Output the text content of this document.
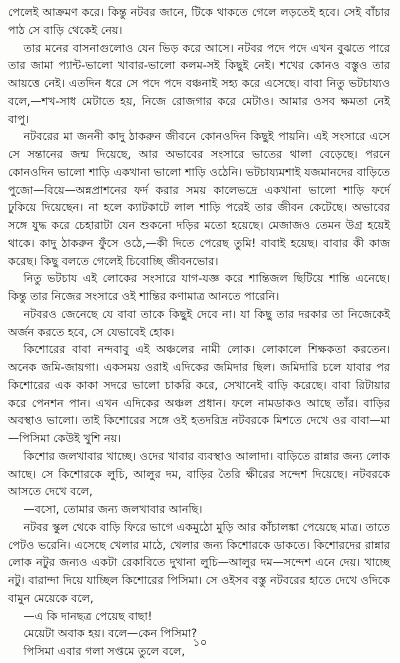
পেলেই আক্রমণ করে। কিন্তু নটবর জানে, টিকে থাকতে গেলে লড়তেই হবে। সেই বাঁচার পাঠ সে বাড়ি থেকেই নেয়।

তার মনের বাসনাগুলোও যেন ভিড় করে আসে। নটবর পদে পদে এখন বুঝতে পারে তার জামা প্যান্ট-ভালো খাবার-ভালো কলম-সই কিছুই নেই। শখের কোনও বস্তুও তার আয়ত্তে নেই। এতদিন ধরে সে পদে পদে বঞ্চনাই সহ্য করে এসেছে। বাবা নিতু ভটচায্যও বলে,—শখ-সাধ মেটাতে হয়, নিজে রোজগার করে মেটাও। আমার ওসব ক্ষমতা নেই বাপু।

নটবরের মা জননী কাদু ঠাকরুন জীবনে কোনওদিন কিছুই পায়নি। এই সংসারে এসে সে সন্তানের জন্ম দিয়েছে, আর অভাবের সংসারে ভাতের থালা বেড়েছে। পরনে কোনওদিন ভালো শাড়ি একখানা ভালো শাড়ি ওঠেনি। ভটচায্যমশাই যজমানদের বাড়িতে পুজো—বিয়ে—অন্নপ্রাশনের ফর্দ করার সময় কালেভদ্রে একখানা ভালো শাড়ি ফর্দে ঢুকিয়ে দিয়েছেন। না হলে ক্যাটকাটে লাল শাড়ি পরেই তার জীবন কেটেছে। অভাবের সঙ্গে যুদ্ধ করে চেহারাটা যেন শুকনো দড়ির মতো হয়েছে। মেজাজও তেমন উগ্র হয়েই থাকে। কাদু ঠাকরুন ফুঁসে ওঠে,—কী দিতে পেরেছ তুমি! বাবাই হয়েছ। বাবার কী কাজ করেছ। কিছু বলতে গেলেই চিবোচ্ছি জীবনভোর।

নিতু ভটচায এই লোকের সংসারে যাগ-যজ্ঞ করে শান্তিজল ছিটিয়ে শান্তি এনেছে। কিন্তু তার নিজের সংসারে ওই শান্তির কণামাত্র আনতে পারেনি।

নটবরও জেনেছে যে বাবা তাকে কিছুই দেবে না। যা কিছু তার দরকার তা নিজেকেই অর্জন করতে হবে, সে যেভাবেই হোক।

কিশোরের বাবা নন্দবাবু এই অঞ্চলের নামী লোক। লোকালে শিক্ষকতা করতেন। অনেক জমি-জায়গা। একসময় ওরাই এদিকের জমিদার ছিল। জমিদারি চলে যাবার পর কিশোরের এক কাকা সদরে ভালো চাকরি করে, সেখানেই বাড়ি করেছে। বাবা রিটায়ার করে পেনশন পান। এখন এদিকের অঞ্চল প্রধান। ফলে নামডাকও আছে তাঁর। বাড়ির অবস্থাও ভালো। তাই কিশোরের সঙ্গে ওই হতদরিদ্র নটবরকে মিশতে দেখে ওর বাবা—মা—পিসিমা কেউই খুশি নয়।

কিশোর জলখাবার খাচ্ছে। ওদের খাবার ব্যবস্থাও আলাদা। বাড়িতে রান্নার জন্য লোক আছে। সে কিশোরকে লুচি, আলুর দম, বাড়ির তৈরি ক্ষীরের সন্দেশ দিয়েছে। নটবরকে আসতে দেখে বলে,

—বসো, তোমার জন্য জলখাবার আনছি।

নটবর স্কুল থেকে বাড়ি ফিরে ভাগে একমুঠো মুড়ি আর কাঁচালঙ্কা পেয়েছে মাত্র। তাতে পেটও ভরেনি। এসেছে খেলার মাঠে, খেলার জন্য কিশোরকে ডাকতে। কিশোরদের রান্নার লোক নটুর জন্যও একটা রেকাবিতে দুখানা লুচি—আলুর দম—সন্দেশ এনে দেয়। খাচ্ছে নটু। বারান্দা দিয়ে যাচ্ছিল কিশোরের পিসিমা। সে ওইসব বস্তু নটবরের হাতে দেখে ওদিকে বামুন মেয়েকে বলে,

—এ কি দানছত্র পেয়েছ বাছা!

মেয়েটা অবাক হয়। বলে—কেন পিসিমা?

পিসিমা এবার গলা সপ্তমে তুলে বলে,

১০
